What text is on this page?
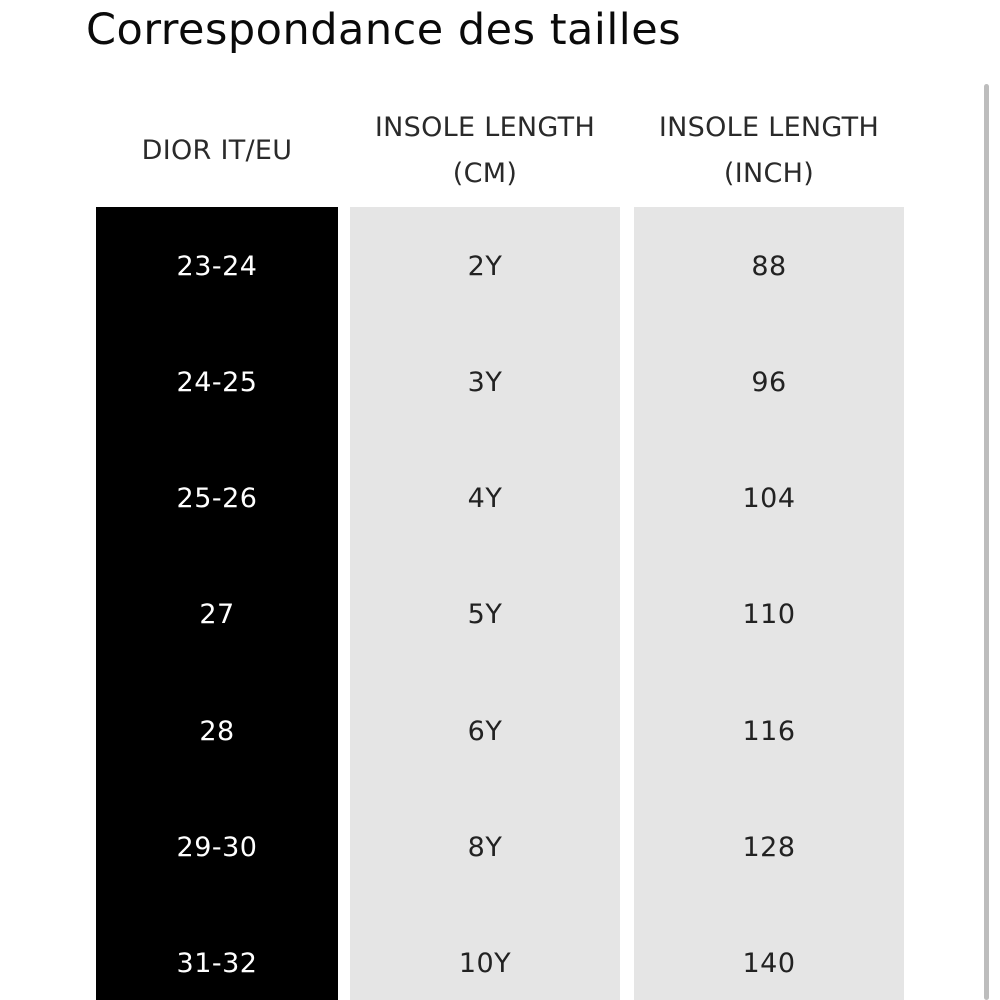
Correspondance des tailles
DIOR IT/EU
INSOLE LENGTH
(CM)
INSOLE LENGTH
(INCH)
23-24
24-25
25-26
27
28
29-30
31-32
2Y
3Y
4Y
5Y
6Y
8Y
10Y
88
96
104
110
116
128
140
